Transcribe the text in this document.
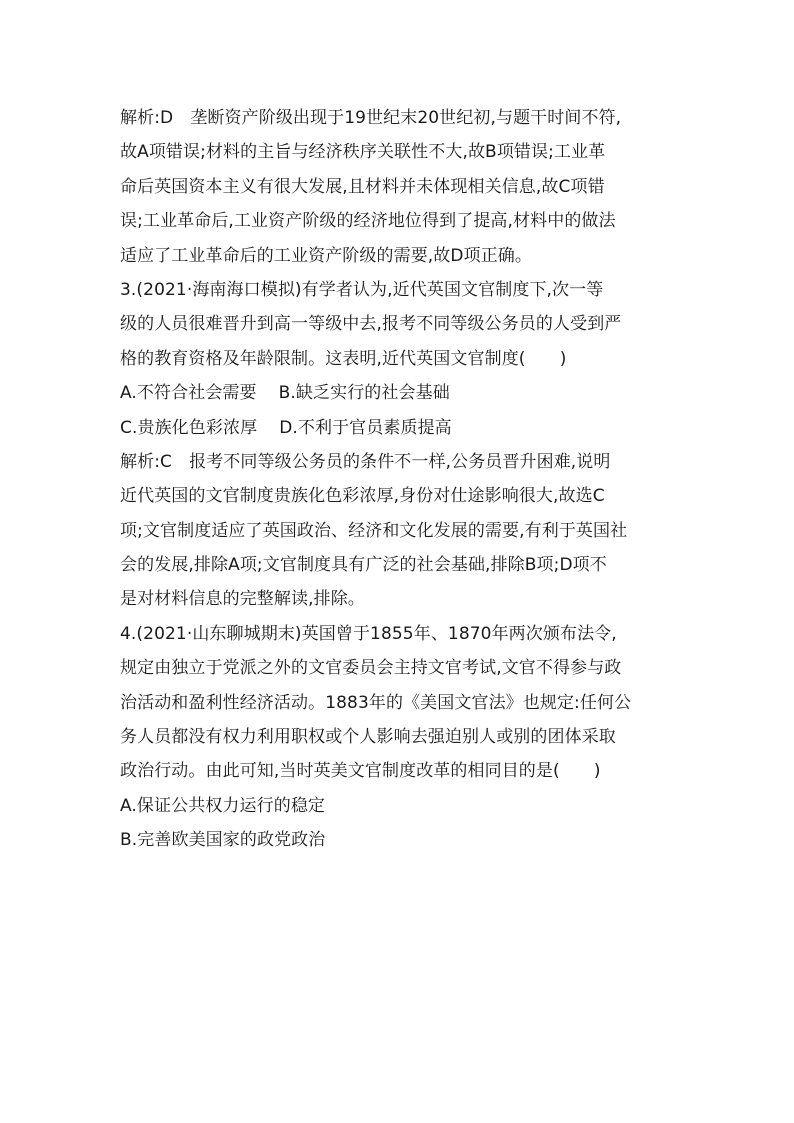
解析:D　垄断资产阶级出现于19世纪末20世纪初,与题干时间不符,
故A项错误;材料的主旨与经济秩序关联性不大,故B项错误;工业革
命后英国资本主义有很大发展,且材料并未体现相关信息,故C项错
误;工业革命后,工业资产阶级的经济地位得到了提高,材料中的做法
适应了工业革命后的工业资产阶级的需要,故D项正确。
3.(2021·海南海口模拟)有学者认为,近代英国文官制度下,次一等
级的人员很难晋升到高一等级中去,报考不同等级公务员的人受到严
格的教育资格及年龄限制。这表明,近代英国文官制度(　　)
A.不符合社会需要 B.缺乏实行的社会基础
C.贵族化色彩浓厚 D.不利于官员素质提高
解析:C　报考不同等级公务员的条件不一样,公务员晋升困难,说明
近代英国的文官制度贵族化色彩浓厚,身份对仕途影响很大,故选C
项;文官制度适应了英国政治、经济和文化发展的需要,有利于英国社
会的发展,排除A项;文官制度具有广泛的社会基础,排除B项;D项不
是对材料信息的完整解读,排除。
4.(2021·山东聊城期末)英国曾于1855年、1870年两次颁布法令,
规定由独立于党派之外的文官委员会主持文官考试,文官不得参与政
治活动和盈利性经济活动。1883年的《美国文官法》也规定:任何公
务人员都没有权力利用职权或个人影响去强迫别人或别的团体采取
政治行动。由此可知,当时英美文官制度改革的相同目的是(　　)
A.保证公共权力运行的稳定
B.完善欧美国家的政党政治
